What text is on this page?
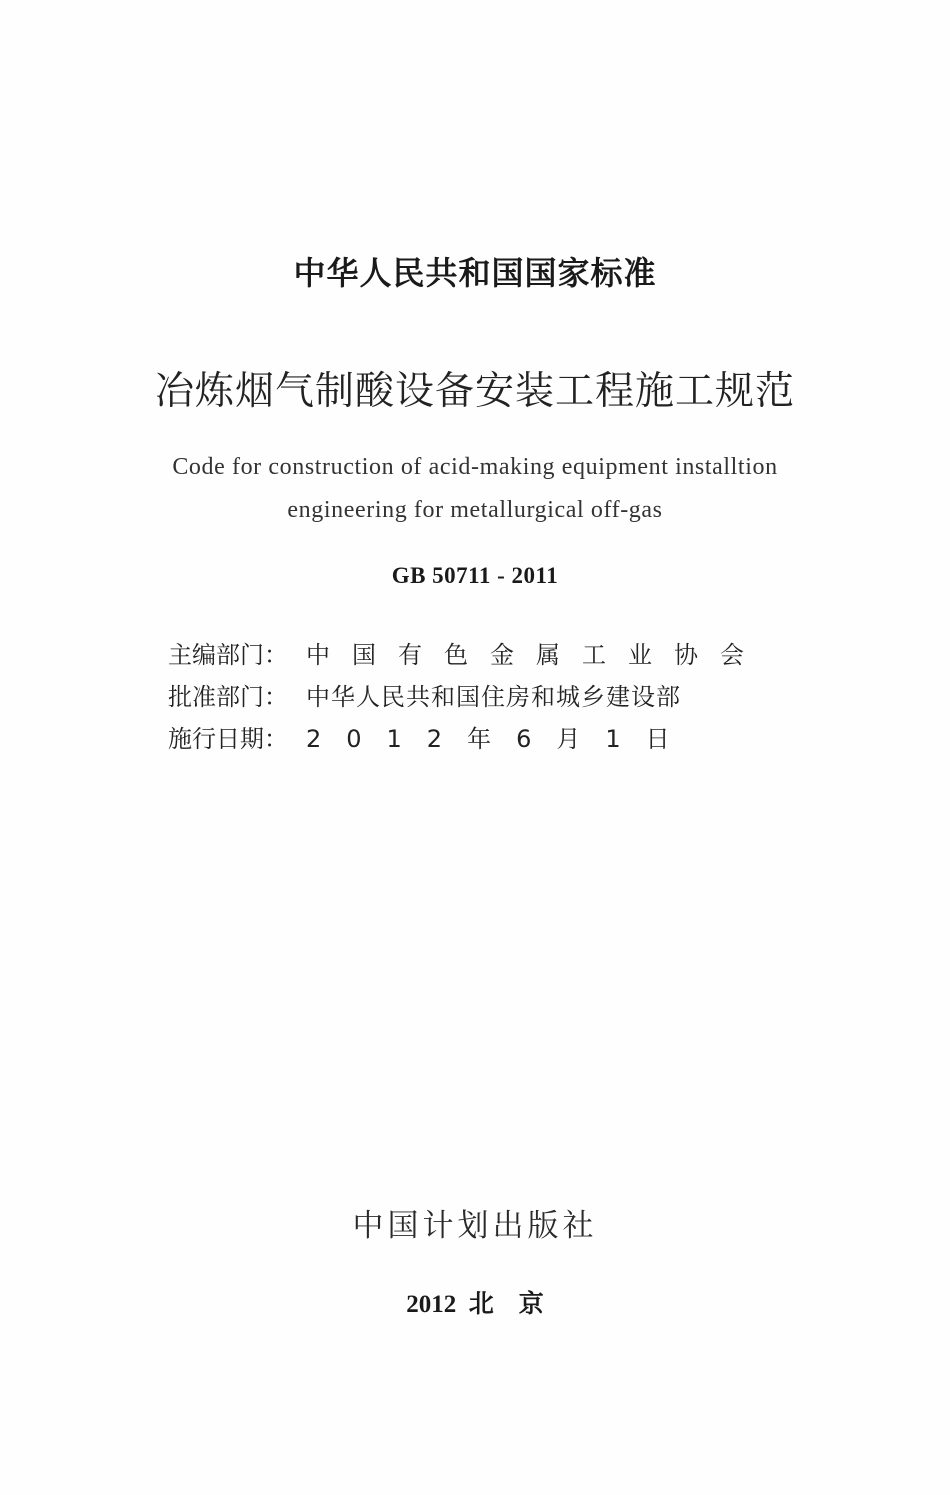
中华人民共和国国家标准
冶炼烟气制酸设备安装工程施工规范
Code for construction of acid-making equipment installtion
engineering for metallurgical off-gas
GB 50711 - 2011
主编部门： 中国有色金属工业协会
批准部门： 中华人民共和国住房和城乡建设部
施行日期： 2012年6月1日
中国计划出版社
2012  北    京
